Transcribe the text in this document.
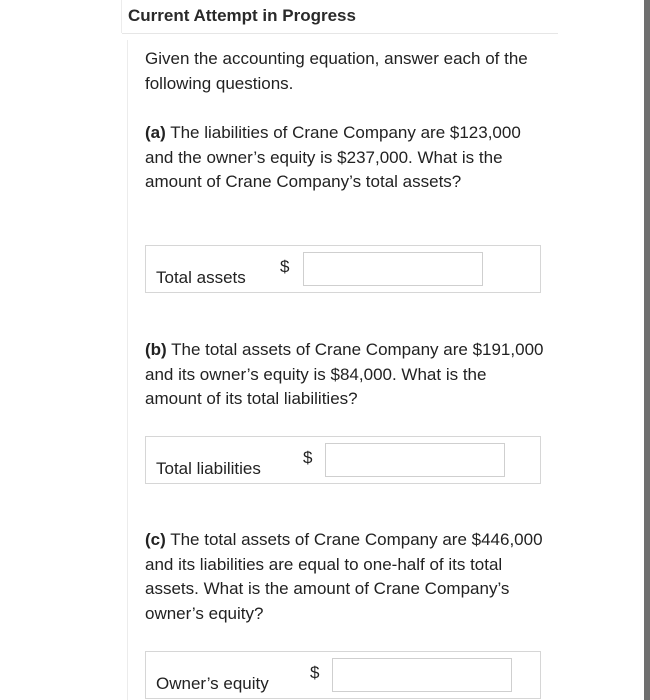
Current Attempt in Progress
Given the accounting equation, answer each of the following questions.
(a) The liabilities of Crane Company are $123,000 and the owner’s equity is $237,000. What is the amount of Crane Company’s total assets?
Total assets
$
(b) The total assets of Crane Company are $191,000 and its owner’s equity is $84,000. What is the amount of its total liabilities?
Total liabilities
$
(c) The total assets of Crane Company are $446,000 and its liabilities are equal to one-half of its total assets. What is the amount of Crane Company’s owner’s equity?
Owner’s equity
$
